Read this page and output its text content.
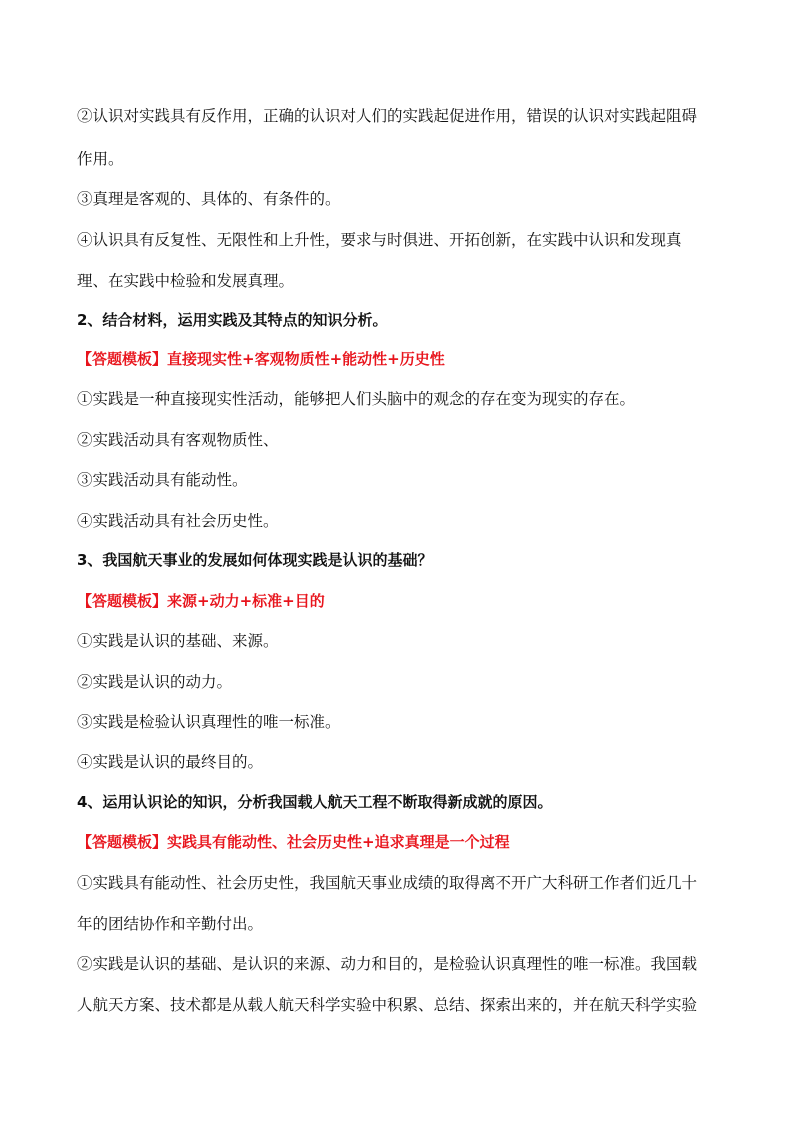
②认识对实践具有反作用，正确的认识对人们的实践起促进作用，错误的认识对实践起阻碍
作用。
③真理是客观的、具体的、有条件的。
④认识具有反复性、无限性和上升性，要求与时俱进、开拓创新，在实践中认识和发现真
理、在实践中检验和发展真理。
2、结合材料，运用实践及其特点的知识分析。
【答题模板】直接现实性+客观物质性+能动性+历史性
①实践是一种直接现实性活动，能够把人们头脑中的观念的存在变为现实的存在。
②实践活动具有客观物质性、
③实践活动具有能动性。
④实践活动具有社会历史性。
3、我国航天事业的发展如何体现实践是认识的基础？
【答题模板】来源+动力+标准+目的
①实践是认识的基础、来源。
②实践是认识的动力。
③实践是检验认识真理性的唯一标准。
④实践是认识的最终目的。
4、运用认识论的知识，分析我国载人航天工程不断取得新成就的原因。
【答题模板】实践具有能动性、社会历史性+追求真理是一个过程
①实践具有能动性、社会历史性，我国航天事业成绩的取得离不开广大科研工作者们近几十
年的团结协作和辛勤付出。
②实践是认识的基础、是认识的来源、动力和目的，是检验认识真理性的唯一标准。我国载
人航天方案、技术都是从载人航天科学实验中积累、总结、探索出来的，并在航天科学实验
